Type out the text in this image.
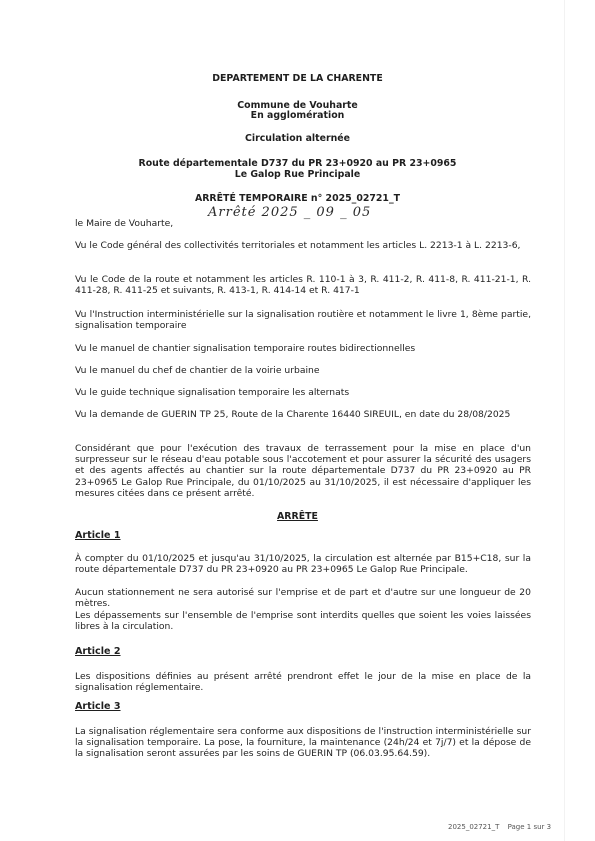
DEPARTEMENT DE LA CHARENTE
Commune de Vouharte
En agglomération
Circulation alternée
Route départementale D737 du PR 23+0920 au PR 23+0965
Le Galop Rue Principale
ARRÊTÉ TEMPORAIRE n° 2025_02721_T
Arrêté 2025 _ 09 _ 05
le Maire de Vouharte,
Vu le Code général des collectivités territoriales et notamment les articles L. 2213-1 à L. 2213-6,
Vu le Code de la route et notamment les articles R. 110-1 à 3, R. 411-2, R. 411-8, R. 411-21-1, R. 411-28, R. 411-25 et suivants, R. 413-1, R. 414-14 et R. 417-1
Vu l'Instruction interministérielle sur la signalisation routière et notamment le livre 1, 8ème partie, signalisation temporaire
Vu le manuel de chantier signalisation temporaire routes bidirectionnelles
Vu le manuel du chef de chantier de la voirie urbaine
Vu le guide technique signalisation temporaire les alternats
Vu la demande de GUERIN TP 25, Route de la Charente 16440 SIREUIL, en date du 28/08/2025
Considérant que pour l'exécution des travaux de terrassement pour la mise en place d'un surpresseur sur le réseau d'eau potable sous l'accotement et pour assurer la sécurité des usagers et des agents affectés au chantier sur la route départementale D737 du PR 23+0920 au PR 23+0965 Le Galop Rue Principale, du 01/10/2025 au 31/10/2025, il est nécessaire d'appliquer les mesures citées dans ce présent arrêté.
ARRÊTE
Article 1
À compter du 01/10/2025 et jusqu'au 31/10/2025, la circulation est alternée par B15+C18, sur la route départementale D737 du PR 23+0920 au PR 23+0965 Le Galop Rue Principale.
Aucun stationnement ne sera autorisé sur l'emprise et de part et d'autre sur une longueur de 20 mètres.
Les dépassements sur l'ensemble de l'emprise sont interdits quelles que soient les voies laissées libres à la circulation.
Article 2
Les dispositions définies au présent arrêté prendront effet le jour de la mise en place de la signalisation réglementaire.
Article 3
La signalisation réglementaire sera conforme aux dispositions de l'instruction interministérielle sur la signalisation temporaire. La pose, la fourniture, la maintenance (24h/24 et 7j/7) et la dépose de la signalisation seront assurées par les soins de GUERIN TP (06.03.95.64.59).
2025_02721_T Page 1 sur 3
